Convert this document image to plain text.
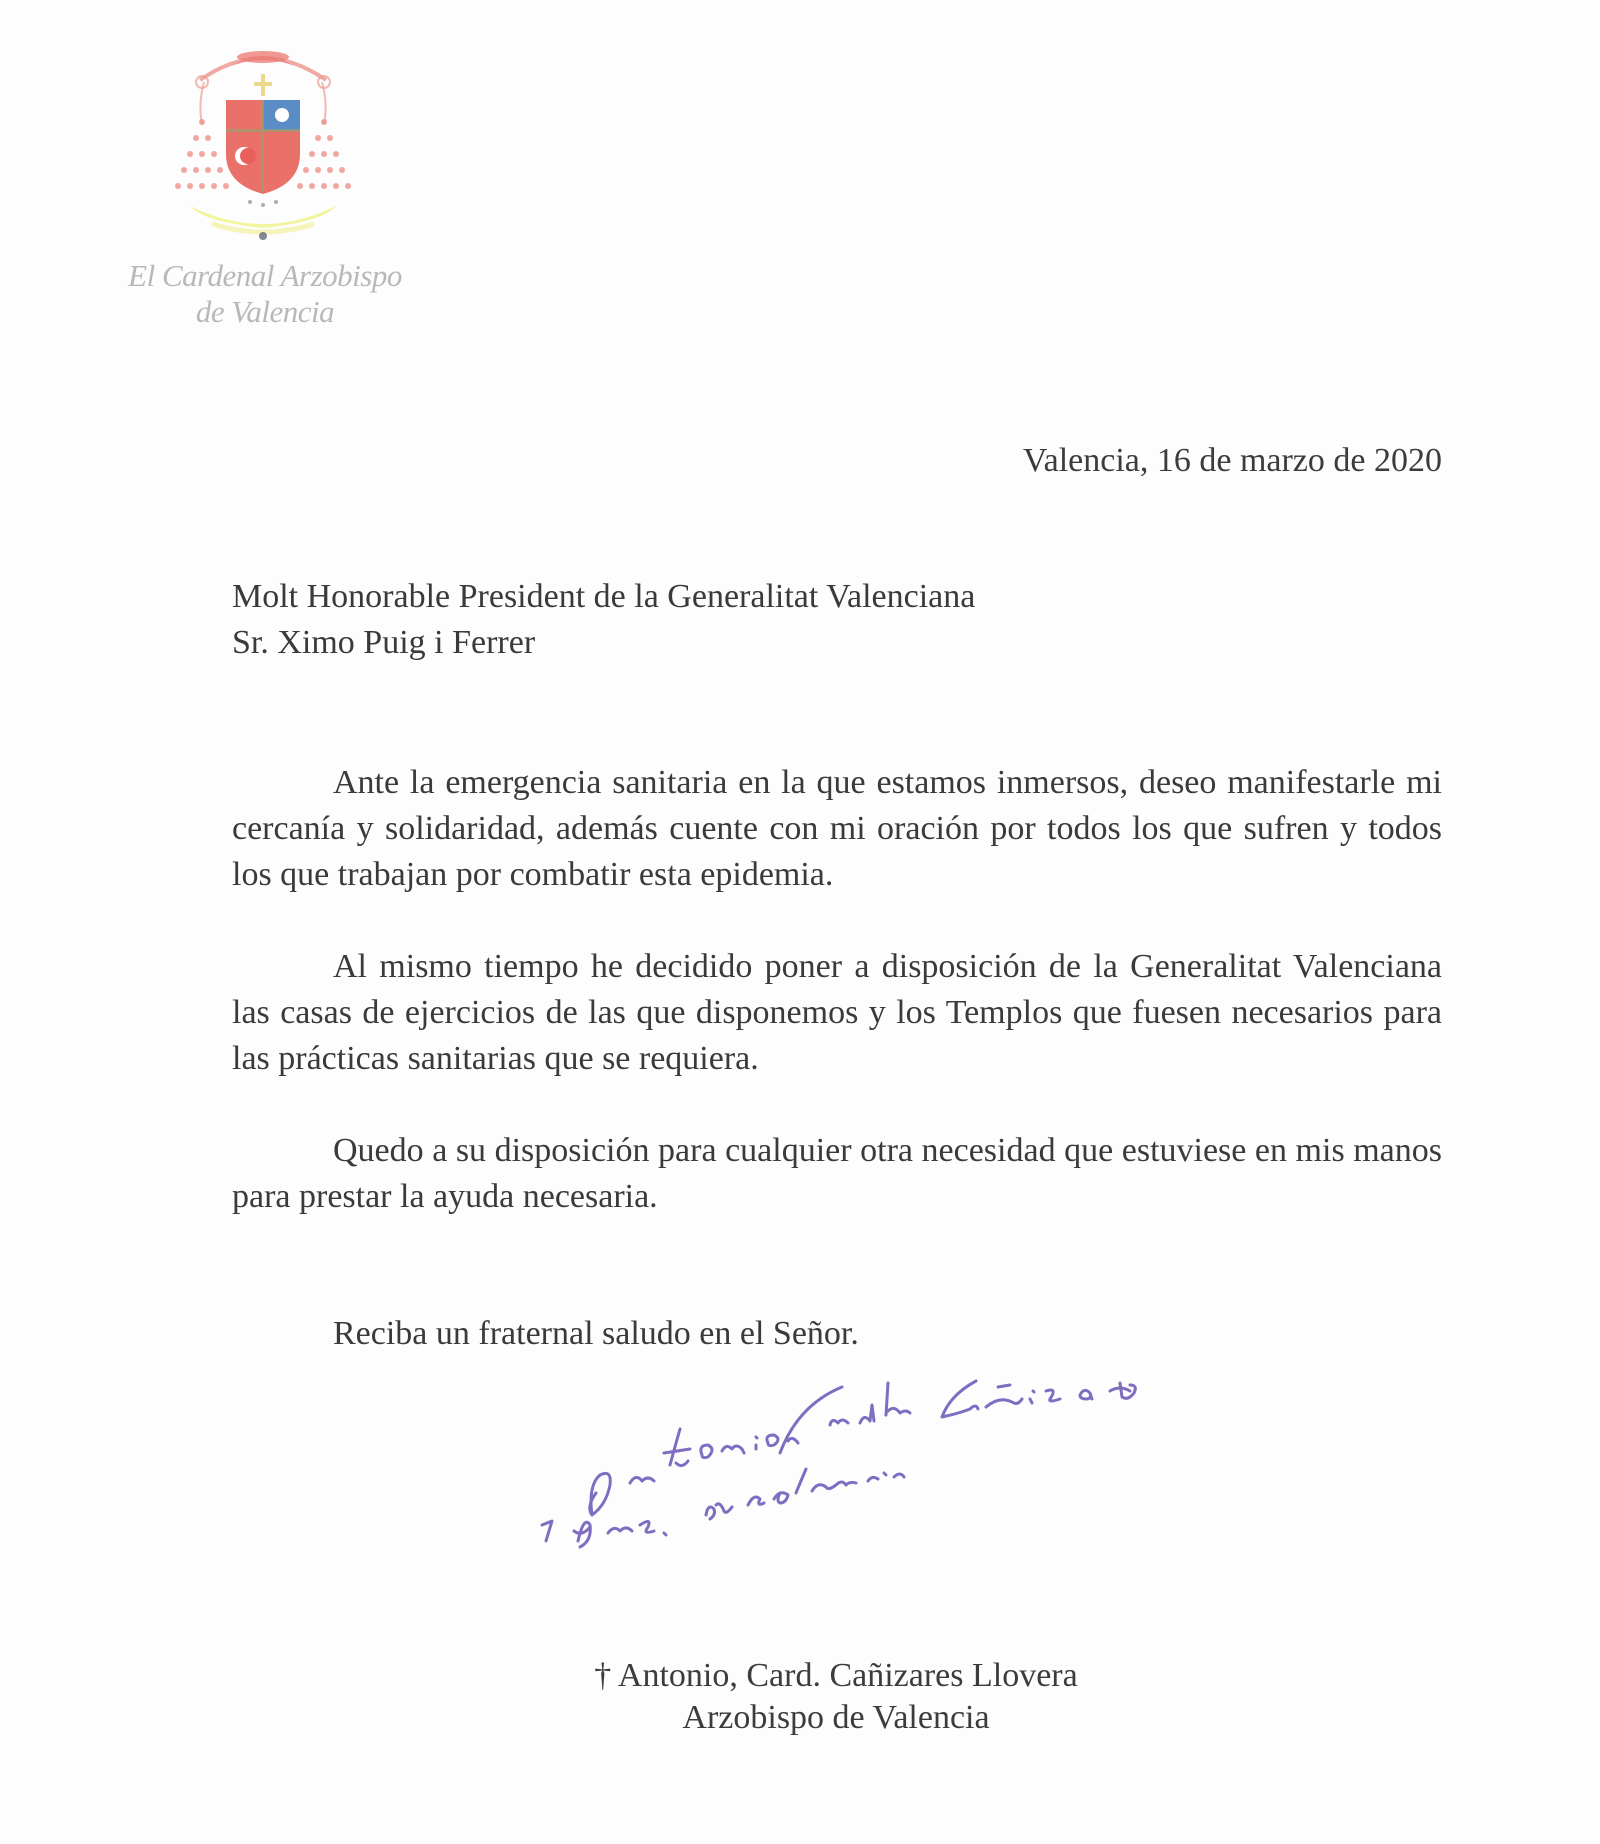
El Cardenal Arzobispo
de Valencia
Valencia, 16 de marzo de 2020
Molt Honorable President de la Generalitat Valenciana
Sr. Ximo Puig i Ferrer

Ante la emergencia sanitaria en la que estamos inmersos, deseo manifestarle mi cercanía y solidaridad, además cuente con mi oración por todos los que sufren y todos los que trabajan por combatir esta epidemia.

Al mismo tiempo he decidido poner a disposición de la Generalitat Valenciana las casas de ejercicios de las que disponemos y los Templos que fuesen necesarios para las prácticas sanitarias que se requiera.

Quedo a su disposición para cualquier otra necesidad que estuviese en mis manos para prestar la ayuda necesaria.

Reciba un fraternal saludo en el Señor.
† Antonio, Card. Cañizares Llovera
Arzobispo de Valencia
